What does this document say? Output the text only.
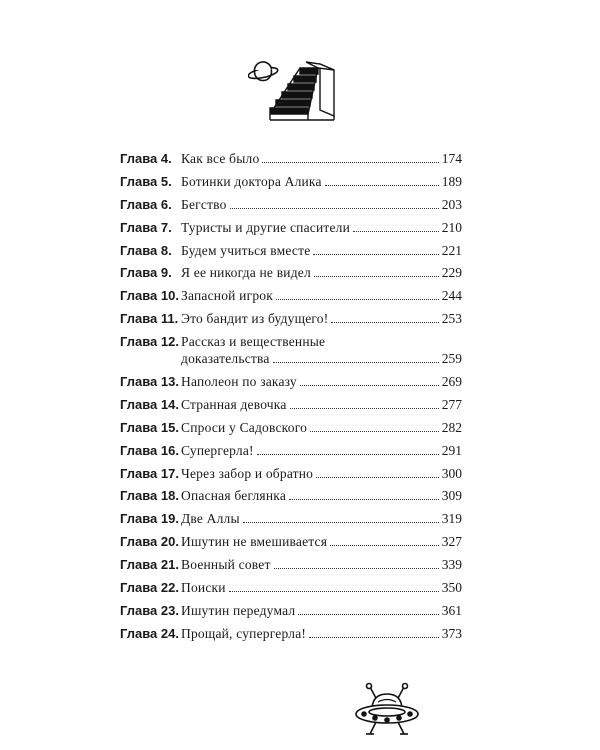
Глава 4. Как все было	174
Глава 5. Ботинки доктора Алика	189
Глава 6. Бегство	203
Глава 7. Туристы и другие спасители	210
Глава 8. Будем учиться вместе	221
Глава 9. Я ее никогда не видел	229
Глава 10. Запасной игрок	244
Глава 11. Это бандит из будущего!	253
Глава 12. Рассказ и вещественные
доказательства	259
Глава 13. Наполеон по заказу	269
Глава 14. Странная девочка	277
Глава 15. Спроси у Садовского	282
Глава 16. Супергерла!	291
Глава 17. Через забор и обратно	300
Глава 18. Опасная беглянка	309
Глава 19. Две Аллы	319
Глава 20. Ишутин не вмешивается	327
Глава 21. Военный совет	339
Глава 22. Поиски	350
Глава 23. Ишутин передумал	361
Глава 24. Прощай, супергерла!	373
